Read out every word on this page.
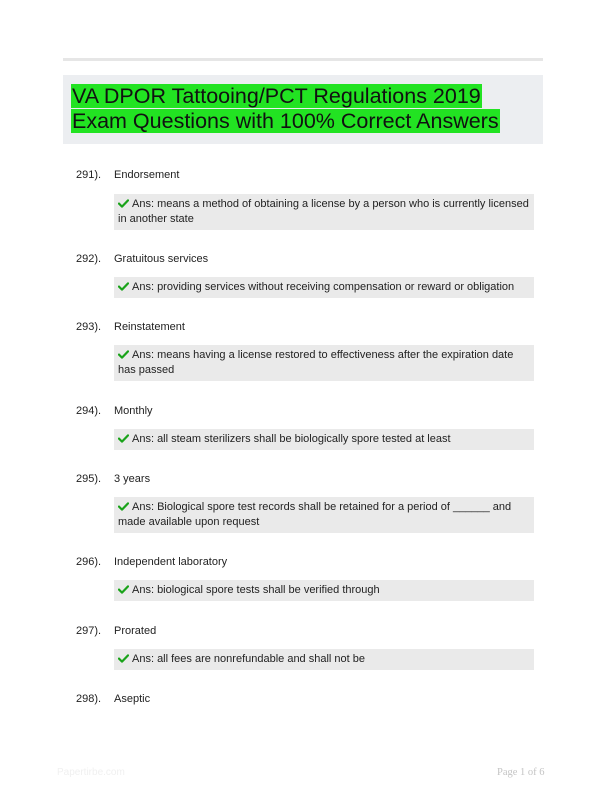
VA DPOR Tattooing/PCT Regulations 2019 Exam Questions with 100% Correct Answers
291). Endorsement
Ans: means a method of obtaining a license by a person who is currently licensed in another state
292). Gratuitous services
Ans: providing services without receiving compensation or reward or obligation
293). Reinstatement
Ans: means having a license restored to effectiveness after the expiration date has passed
294). Monthly
Ans: all steam sterilizers shall be biologically spore tested at least
295). 3 years
Ans: Biological spore test records shall be retained for a period of ______ and made available upon request
296). Independent laboratory
Ans: biological spore tests shall be verified through
297). Prorated
Ans: all fees are nonrefundable and shall not be
298). Aseptic
Papertirbe.com	Page 1 of 6
